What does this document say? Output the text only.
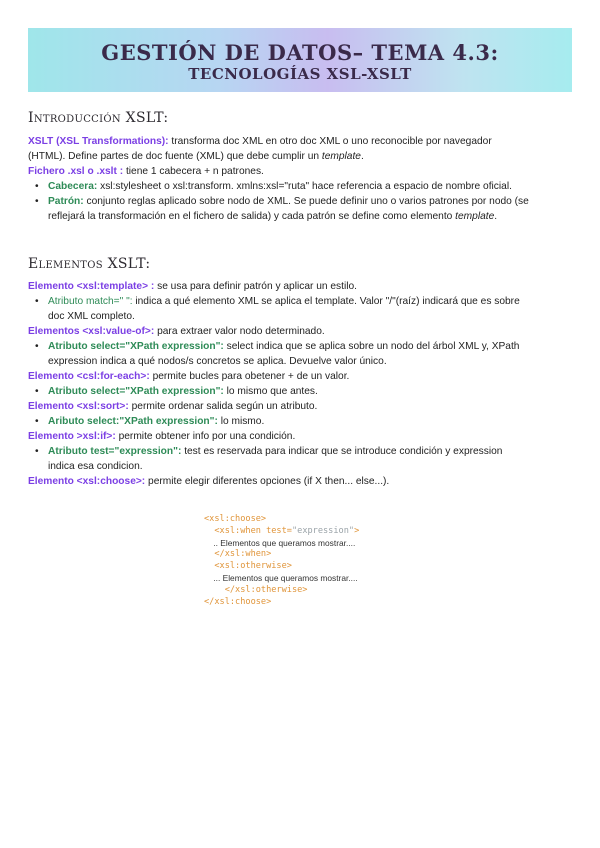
GESTIÓN DE DATOS– TEMA 4.3:
TECNOLOGÍAS XSL-XSLT
Introducción XSLT:
XSLT (XSL Transformations): transforma doc XML en otro doc XML o uno reconocible por navegador
(HTML). Define partes de doc fuente (XML) que debe cumplir un template.
Fichero .xsl o .xslt : tiene 1 cabecera + n patrones.
• Cabecera: xsl:stylesheet o xsl:transform. xmlns:xsl="ruta" hace referencia a espacio de nombre oficial.
• Patrón: conjunto reglas aplicado sobre nodo de XML. Se puede definir uno o varios patrones por nodo (se
reflejará la transformación en el fichero de salida) y cada patrón se define como elemento template.
Elementos XSLT:
Elemento <xsl:template> : se usa para definir patrón y aplicar un estilo.
• Atributo match=" ": indica a qué elemento XML se aplica el template. Valor "/"(raíz) indicará que es sobre
doc XML completo.
Elementos <xsl:value-of>: para extraer valor nodo determinado.
• Atributo select="XPath expression": select indica que se aplica sobre un nodo del árbol XML y, XPath
expression indica a qué nodos/s concretos se aplica. Devuelve valor único.
Elemento <csl:for-each>: permite bucles para obetener + de un valor.
• Atributo select="XPath expression": lo mismo que antes.
Elemento <xsl:sort>: permite ordenar salida según un atributo.
• Aributo select:"XPath expression": lo mismo.
Elemento >xsl:if>: permite obtener info por una condición.
• Atributo test="expression": test es reservada para indicar que se introduce condición y expression
indica esa condicion.
Elemento <xsl:choose>: permite elegir diferentes opciones (if X then... else...).
<xsl:choose>
<xsl:when test="expression">
.. Elementos que queramos mostrar....
</xsl:when>
<xsl:otherwise>
... Elementos que queramos mostrar....
</xsl:otherwise>
</xsl:choose>
